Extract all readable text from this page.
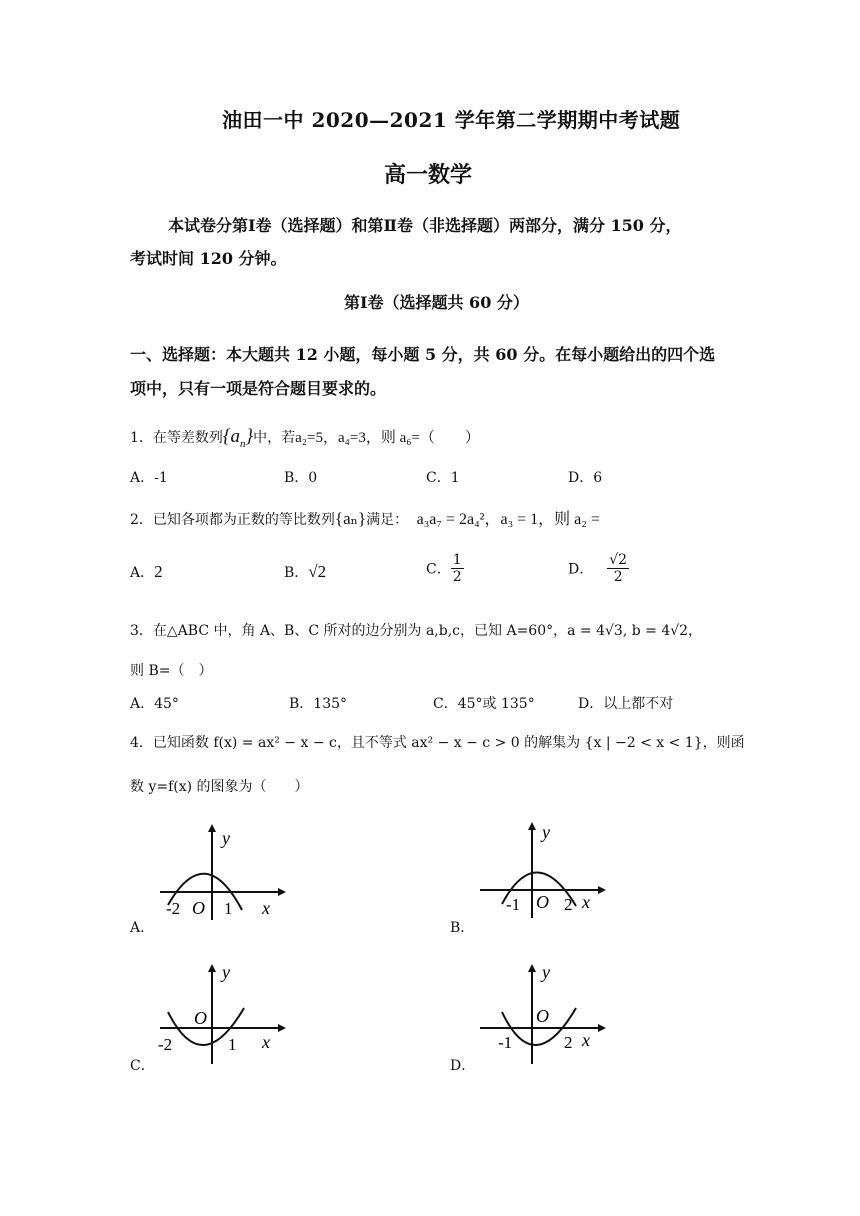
油田一中 2020—2021 学年第二学期期中考试题
高一数学
本试卷分第Ⅰ卷（选择题）和第Ⅱ卷（非选择题）两部分，满分 150 分，
考试时间 120 分钟。
第Ⅰ卷（选择题共 60 分）
一、选择题：本大题共 12 小题，每小题 5 分，共 60 分。在每小题给出的四个选
项中，只有一项是符合题目要求的。
1．在等差数列$\{a_n\}$中，若a₂=5，a₄=3，则 a₆=（　　）
A．-1	B．0	C．1	D．6
2．已知各项都为正数的等比数列{aₙ}满足： a₃a₇ = 2a₄²，a₃ = 1，则 a₂ =
A．2	B．√2	C． $\frac{1}{2}$	D． $\frac{√2}{2}$
3．在△ABC 中，角 A、B、C 所对的边分别为 a,b,c，已知 A=60°，a = 4√3, b = 4√2，
则 B=（　）
A．45°	B．135°	C．45°或 135°	D．以上都不对
4．已知函数 f(x) = ax² − x − c，且不等式 ax² − x − c > 0 的解集为 {x | −2 < x < 1}，则函
数 y=f(x) 的图象为（　　）
y
x
O
-2	1
A．
y
x
O
-1	2
B．
y
x
O
-2	1
C．
y
x
O
-1	2
D．
